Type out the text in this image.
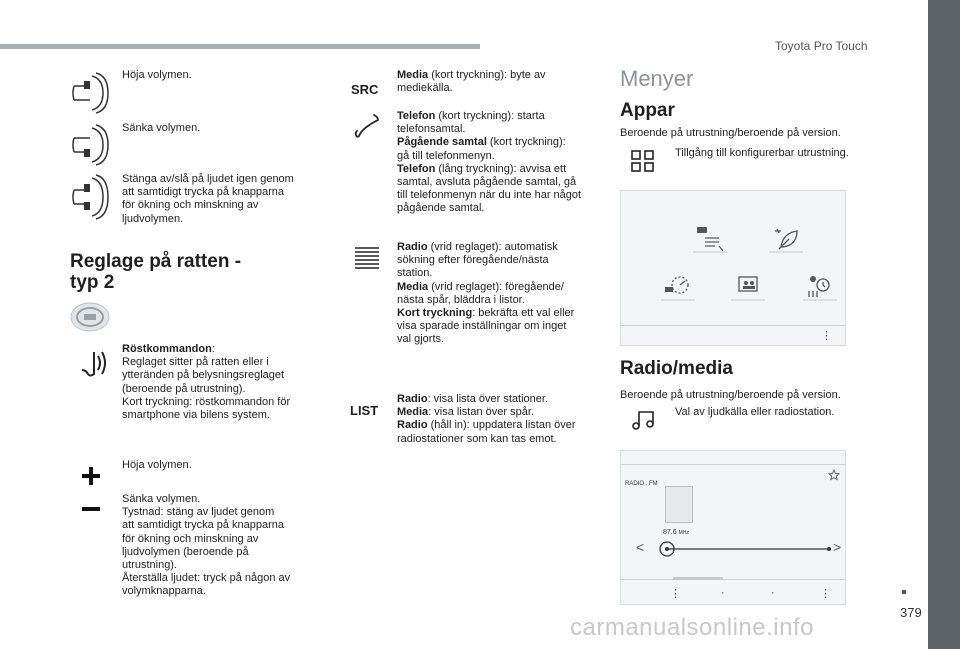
Toyota Pro Touch
Höja volymen.
Sänka volymen.
Stänga av/slå på ljudet igen genom
att samtidigt trycka på knapparna
för ökning och minskning av
ljudvolymen.
Reglage på ratten -
typ 2
Röstkommandon:
Reglaget sitter på ratten eller i
ytteränden på belysningsreglaget
(beroende på utrustning).
Kort tryckning: röstkommandon för
smartphone via bilens system.
Höja volymen.
Sänka volymen.
Tystnad: stäng av ljudet genom
att samtidigt trycka på knapparna
för ökning och minskning av
ljudvolymen (beroende på
utrustning).
Återställa ljudet: tryck på någon av
volymknapparna.
SRC
Media (kort tryckning): byte av
mediekälla.
Telefon (kort tryckning): starta
telefonsamtal.
Pågående samtal (kort tryckning):
gå till telefonmenyn.
Telefon (lång tryckning): avvisa ett
samtal, avsluta pågående samtal, gå
till telefonmenyn när du inte har något
pågående samtal.
Radio (vrid reglaget): automatisk
sökning efter föregående/nästa
station.
Media (vrid reglaget): föregående/
nästa spår, bläddra i listor.
Kort tryckning: bekräfta ett val eller
visa sparade inställningar om inget
val gjorts.
LIST
Radio: visa lista över stationer.
Media: visa listan över spår.
Radio (håll in): uppdatera listan över
radiostationer som kan tas emot.
Menyer
Appar
Beroende på utrustning/beroende på version.
Tillgång till konfigurerbar utrustning.
⋮
Radio/media
Beroende på utrustning/beroende på version.
Val av ljudkälla eller radiostation.
RADIO . FM
87.6 MHz
<	>
⋮	·	·	⋮
379
carmanualsonline.info
